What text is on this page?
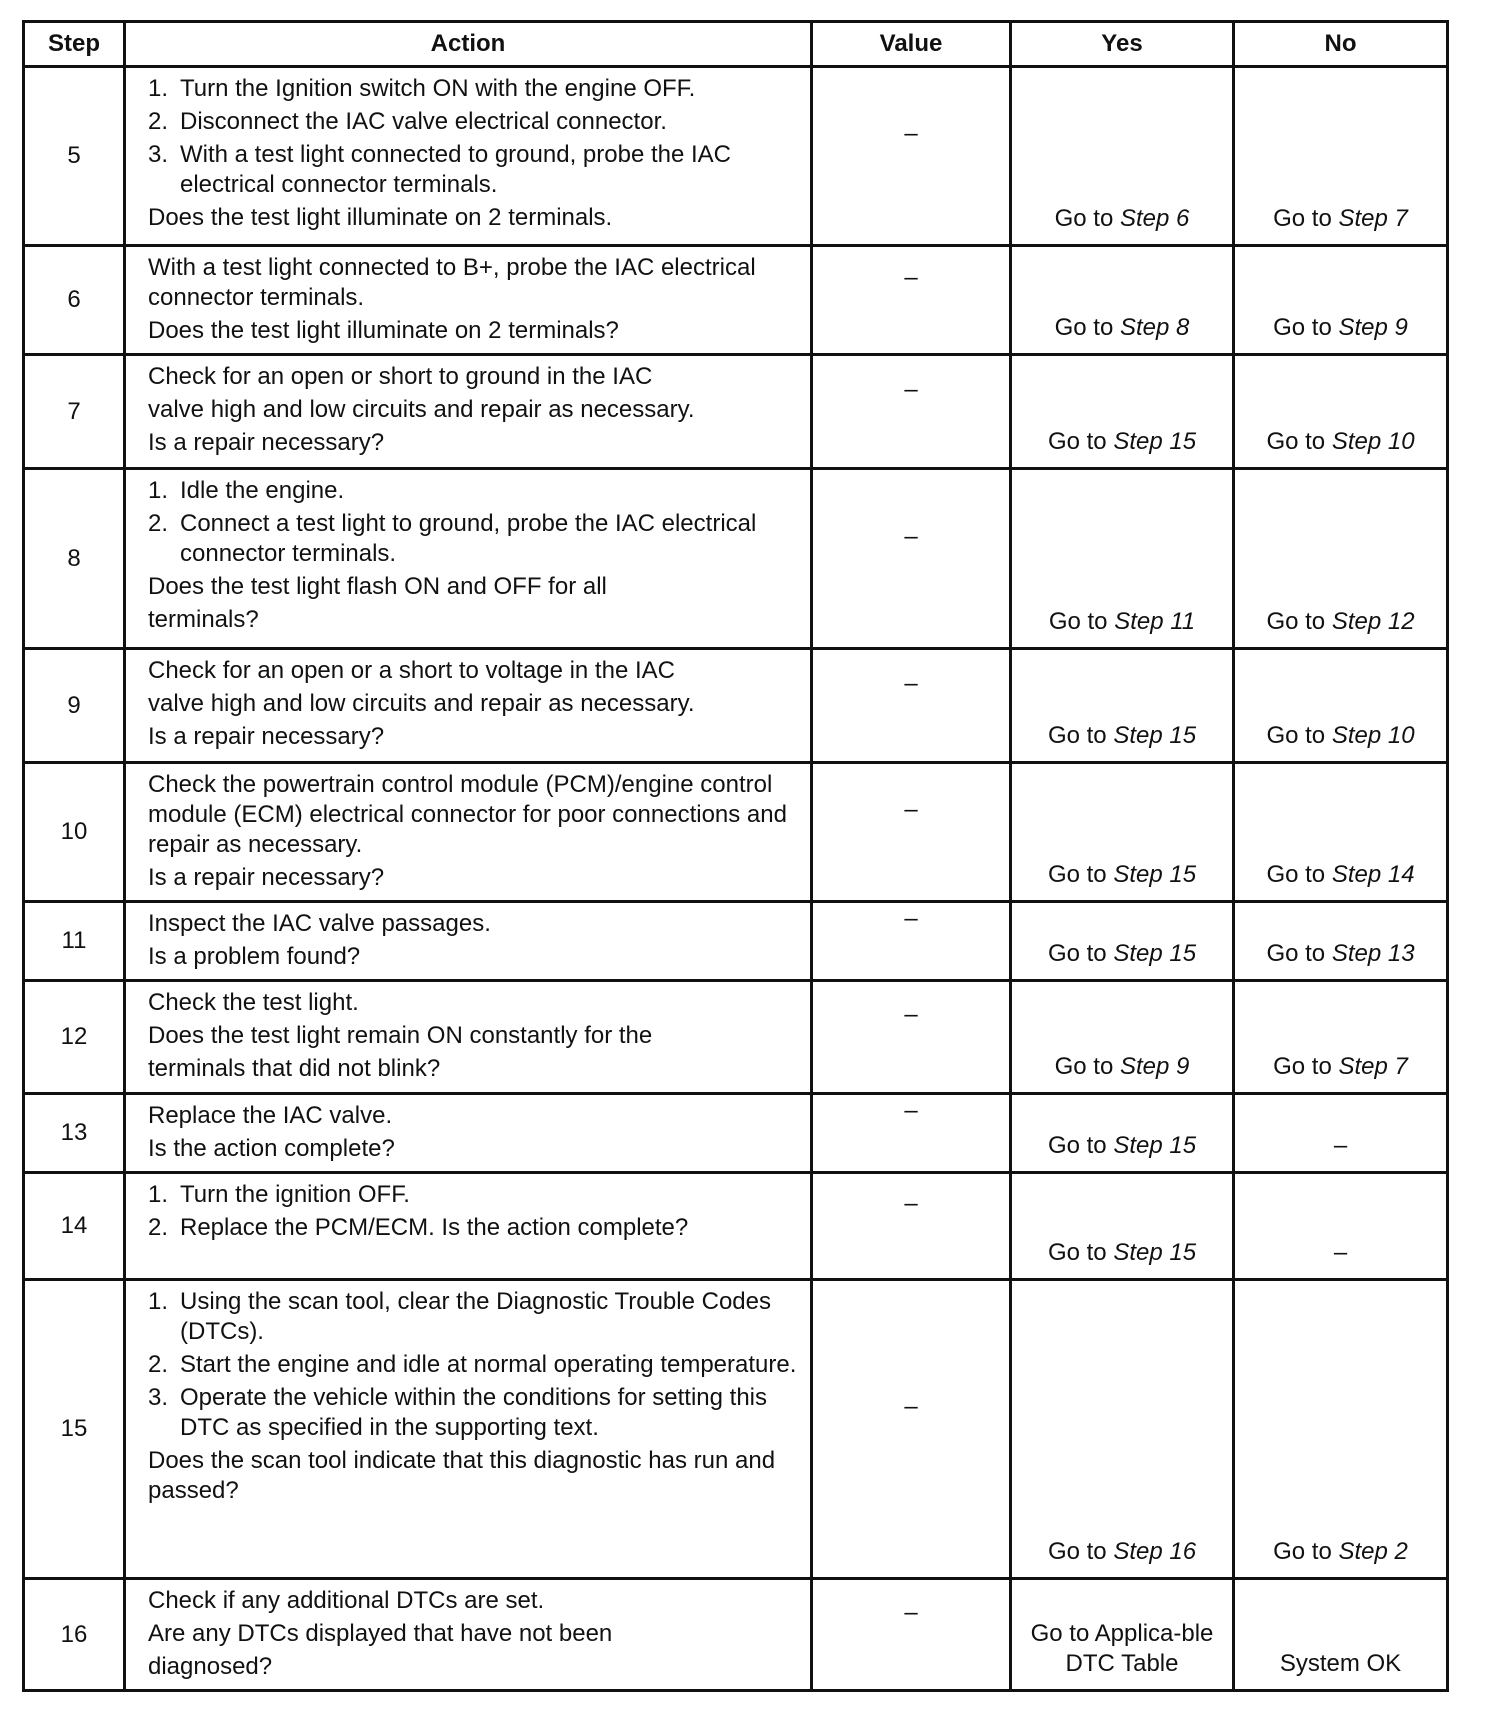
Step	Action	Value	Yes	No
5	1. Turn the Ignition switch ON with the engine OFF.
2. Disconnect the IAC valve electrical connector.
3. With a test light connected to ground, probe the IAC electrical connector terminals.
Does the test light illuminate on 2 terminals.	–	Go to Step 6	Go to Step 7
6	With a test light connected to B+, probe the IAC electrical connector terminals.
Does the test light illuminate on 2 terminals?	–	Go to Step 8	Go to Step 9
7	Check for an open or short to ground in the IAC
valve high and low circuits and repair as necessary.
Is a repair necessary?	–	Go to Step 15	Go to Step 10
8	1. Idle the engine.
2. Connect a test light to ground, probe the IAC electrical connector terminals.
Does the test light flash ON and OFF for all
terminals?	–	Go to Step 11	Go to Step 12
9	Check for an open or a short to voltage in the IAC
valve high and low circuits and repair as necessary.
Is a repair necessary?	–	Go to Step 15	Go to Step 10
10	Check the powertrain control module (PCM)/engine control module (ECM) electrical connector for poor connections and repair as necessary.
Is a repair necessary?	–	Go to Step 15	Go to Step 14
11	Inspect the IAC valve passages.
Is a problem found?	–	Go to Step 15	Go to Step 13
12	Check the test light.
Does the test light remain ON constantly for the
terminals that did not blink?	–	Go to Step 9	Go to Step 7
13	Replace the IAC valve.
Is the action complete?	–	Go to Step 15	–
14	1. Turn the ignition OFF.
2. Replace the PCM/ECM. Is the action complete?	–	Go to Step 15	–
15	1. Using the scan tool, clear the Diagnostic Trouble Codes (DTCs).
2. Start the engine and idle at normal operating temperature.
3. Operate the vehicle within the conditions for setting this DTC as specified in the supporting text.
Does the scan tool indicate that this diagnostic has run and passed?	–	Go to Step 16	Go to Step 2
16	Check if any additional DTCs are set.
Are any DTCs displayed that have not been
diagnosed?	–	Go to Applica-ble DTC Table	System OK
